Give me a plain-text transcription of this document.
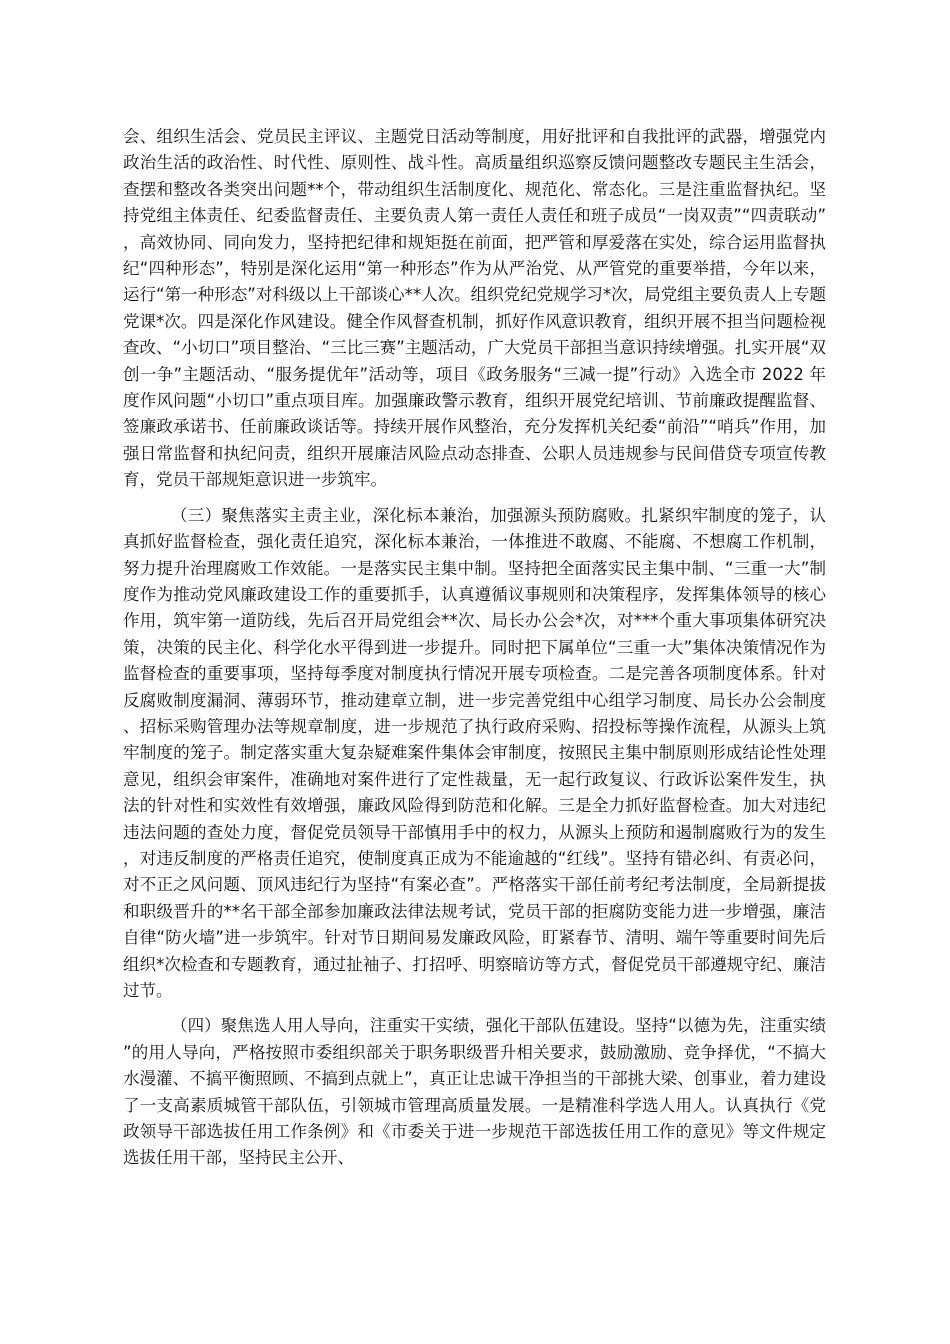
会、组织生活会、党员民主评议、主题党日活动等制度，用好批评和自我批评的武器，增强党内政治生活的政治性、时代性、原则性、战斗性。高质量组织巡察反馈问题整改专题民主生活会，查摆和整改各类突出问题**个，带动组织生活制度化、规范化、常态化。三是注重监督执纪。坚持党组主体责任、纪委监督责任、主要负责人第一责任人责任和班子成员“一岗双责”“四责联动”，高效协同、同向发力，坚持把纪律和规矩挺在前面，把严管和厚爱落在实处，综合运用监督执纪“四种形态”，特别是深化运用“第一种形态”作为从严治党、从严管党的重要举措，今年以来，运行“第一种形态”对科级以上干部谈心**人次。组织党纪党规学习*次，局党组主要负责人上专题党课*次。四是深化作风建设。健全作风督查机制，抓好作风意识教育，组织开展不担当问题检视查改、“小切口”项目整治、“三比三赛”主题活动，广大党员干部担当意识持续增强。扎实开展“双创一争”主题活动、“服务提优年”活动等，项目《政务服务“三减一提”行动》入选全市 2022 年度作风问题“小切口”重点项目库。加强廉政警示教育，组织开展党纪培训、节前廉政提醒监督、签廉政承诺书、任前廉政谈话等。持续开展作风整治，充分发挥机关纪委“前沿”“哨兵”作用，加强日常监督和执纪问责，组织开展廉洁风险点动态排查、公职人员违规参与民间借贷专项宣传教育，党员干部规矩意识进一步筑牢。

（三）聚焦落实主责主业，深化标本兼治，加强源头预防腐败。扎紧织牢制度的笼子，认真抓好监督检查，强化责任追究，深化标本兼治，一体推进不敢腐、不能腐、不想腐工作机制，努力提升治理腐败工作效能。一是落实民主集中制。坚持把全面落实民主集中制、“三重一大”制度作为推动党风廉政建设工作的重要抓手，认真遵循议事规则和决策程序，发挥集体领导的核心作用，筑牢第一道防线，先后召开局党组会**次、局长办公会*次，对***个重大事项集体研究决策，决策的民主化、科学化水平得到进一步提升。同时把下属单位“三重一大”集体决策情况作为监督检查的重要事项，坚持每季度对制度执行情况开展专项检查。二是完善各项制度体系。针对反腐败制度漏洞、薄弱环节，推动建章立制，进一步完善党组中心组学习制度、局长办公会制度、招标采购管理办法等规章制度，进一步规范了执行政府采购、招投标等操作流程，从源头上筑牢制度的笼子。制定落实重大复杂疑难案件集体会审制度，按照民主集中制原则形成结论性处理意见，组织会审案件，准确地对案件进行了定性裁量，无一起行政复议、行政诉讼案件发生，执法的针对性和实效性有效增强，廉政风险得到防范和化解。三是全力抓好监督检查。加大对违纪违法问题的查处力度，督促党员领导干部慎用手中的权力，从源头上预防和遏制腐败行为的发生，对违反制度的严格责任追究，使制度真正成为不能逾越的“红线”。坚持有错必纠、有责必问，对不正之风问题、顶风违纪行为坚持“有案必查”。严格落实干部任前考纪考法制度，全局新提拔和职级晋升的**名干部全部参加廉政法律法规考试，党员干部的拒腐防变能力进一步增强，廉洁自律“防火墙”进一步筑牢。针对节日期间易发廉政风险，盯紧春节、清明、端午等重要时间先后组织*次检查和专题教育，通过扯袖子、打招呼、明察暗访等方式，督促党员干部遵规守纪、廉洁过节。

（四）聚焦选人用人导向，注重实干实绩，强化干部队伍建设。坚持“以德为先，注重实绩”的用人导向，严格按照市委组织部关于职务职级晋升相关要求，鼓励激励、竞争择优，“不搞大水漫灌、不搞平衡照顾、不搞到点就上”，真正让忠诚干净担当的干部挑大梁、创事业，着力建设了一支高素质城管干部队伍，引领城市管理高质量发展。一是精准科学选人用人。认真执行《党政领导干部选拔任用工作条例》和《市委关于进一步规范干部选拔任用工作的意见》等文件规定选拔任用干部，坚持民主公开、
